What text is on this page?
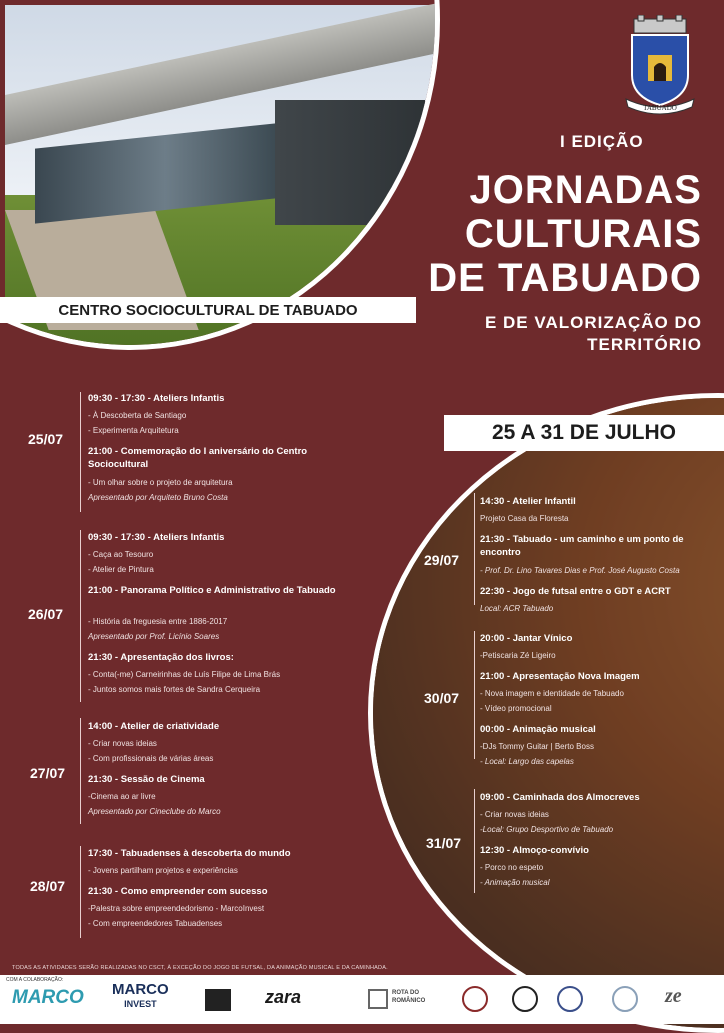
TABUADO
I EDIÇÃO
JORNADAS
CULTURAIS
DE TABUADO
E DE VALORIZAÇÃO DO
TERRITÓRIO
CENTRO SOCIOCULTURAL DE TABUADO
25 A 31 DE JULHO
25/07
09:30 - 17:30 - Ateliers Infantis
- À Descoberta de Santiago
- Experimenta Arquitetura
21:00 - Comemoração do I aniversário do Centro Sociocultural
- Um olhar sobre o projeto de arquitetura
Apresentado por Arquiteto Bruno Costa
26/07
09:30 - 17:30 - Ateliers Infantis
- Caça ao Tesouro
- Atelier de Pintura
21:00 - Panorama Político e Administrativo de Tabuado
- História da freguesia entre 1886-2017
Apresentado por Prof. Licínio Soares
21:30 - Apresentação dos livros:
- Conta(-me) Carneirinhas de Luís Filipe de Lima Brás
- Juntos somos mais fortes de Sandra Cerqueira
27/07
14:00 - Atelier de criatividade
- Criar novas ideias
- Com profissionais de várias áreas
21:30 - Sessão de Cinema
-Cinema ao ar livre
Apresentado por Cineclube do Marco
28/07
17:30 - Tabuadenses à descoberta do mundo
- Jovens partilham projetos e experiências
21:30 - Como empreender com sucesso
-Palestra sobre empreendedorismo - MarcoInvest
- Com empreendedores Tabuadenses
29/07
14:30 - Atelier Infantil
Projeto Casa da Floresta
21:30 - Tabuado - um caminho e um ponto de encontro
- Prof. Dr. Lino Tavares Dias e Prof. José Augusto Costa
22:30 - Jogo de futsal entre o GDT e ACRT
Local: ACR Tabuado
30/07
20:00 - Jantar Vínico
-Petiscaria Zé Ligeiro
21:00 - Apresentação Nova Imagem
- Nova imagem e identidade de Tabuado
- Vídeo promocional
00:00 - Animação musical
-DJs Tommy Guitar | Berto Boss
- Local: Largo das capelas
31/07
09:00 - Caminhada dos Almocreves
- Criar novas ideias
-Local: Grupo Desportivo de Tabuado
12:30 - Almoço-convívio
- Porco no espeto
- Animação musical
TODAS AS ATIVIDADES SERÃO REALIZADAS NO CSCT, À EXCEÇÃO DO JOGO DE FUTSAL, DA ANIMAÇÃO MUSICAL E DA CAMINHADA.
COM A COLABORAÇÃO:
MARCO MARCO
INVEST	zara	ROTA DO
ROMÂNICO	ze
